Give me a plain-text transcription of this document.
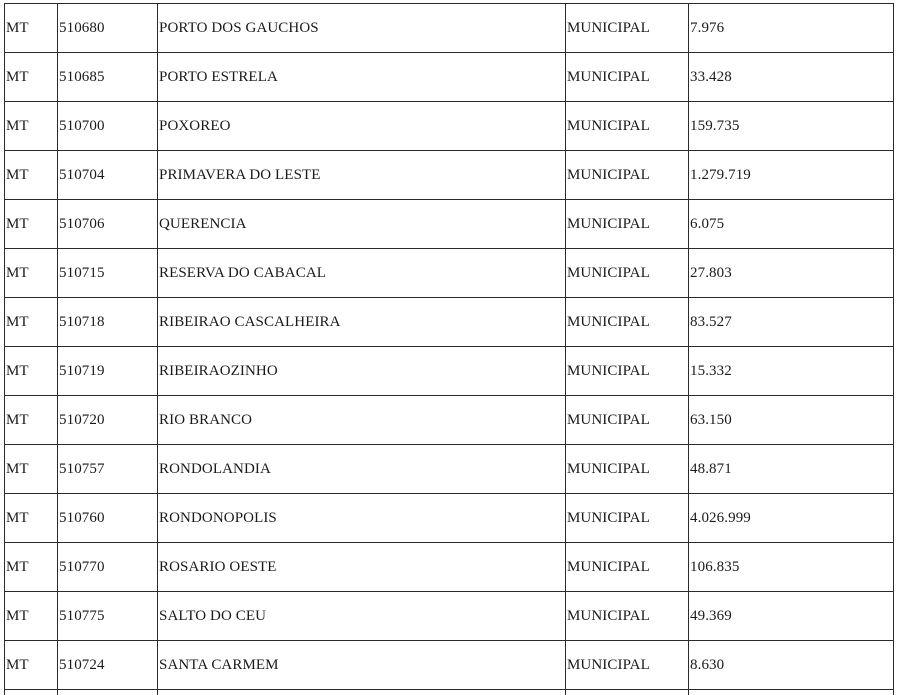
MT	510680	PORTO DOS GAUCHOS	MUNICIPAL	7.976
MT	510685	PORTO ESTRELA	MUNICIPAL	33.428
MT	510700	POXOREO	MUNICIPAL	159.735
MT	510704	PRIMAVERA DO LESTE	MUNICIPAL	1.279.719
MT	510706	QUERENCIA	MUNICIPAL	6.075
MT	510715	RESERVA DO CABACAL	MUNICIPAL	27.803
MT	510718	RIBEIRAO CASCALHEIRA	MUNICIPAL	83.527
MT	510719	RIBEIRAOZINHO	MUNICIPAL	15.332
MT	510720	RIO BRANCO	MUNICIPAL	63.150
MT	510757	RONDOLANDIA	MUNICIPAL	48.871
MT	510760	RONDONOPOLIS	MUNICIPAL	4.026.999
MT	510770	ROSARIO OESTE	MUNICIPAL	106.835
MT	510775	SALTO DO CEU	MUNICIPAL	49.369
MT	510724	SANTA CARMEM	MUNICIPAL	8.630
